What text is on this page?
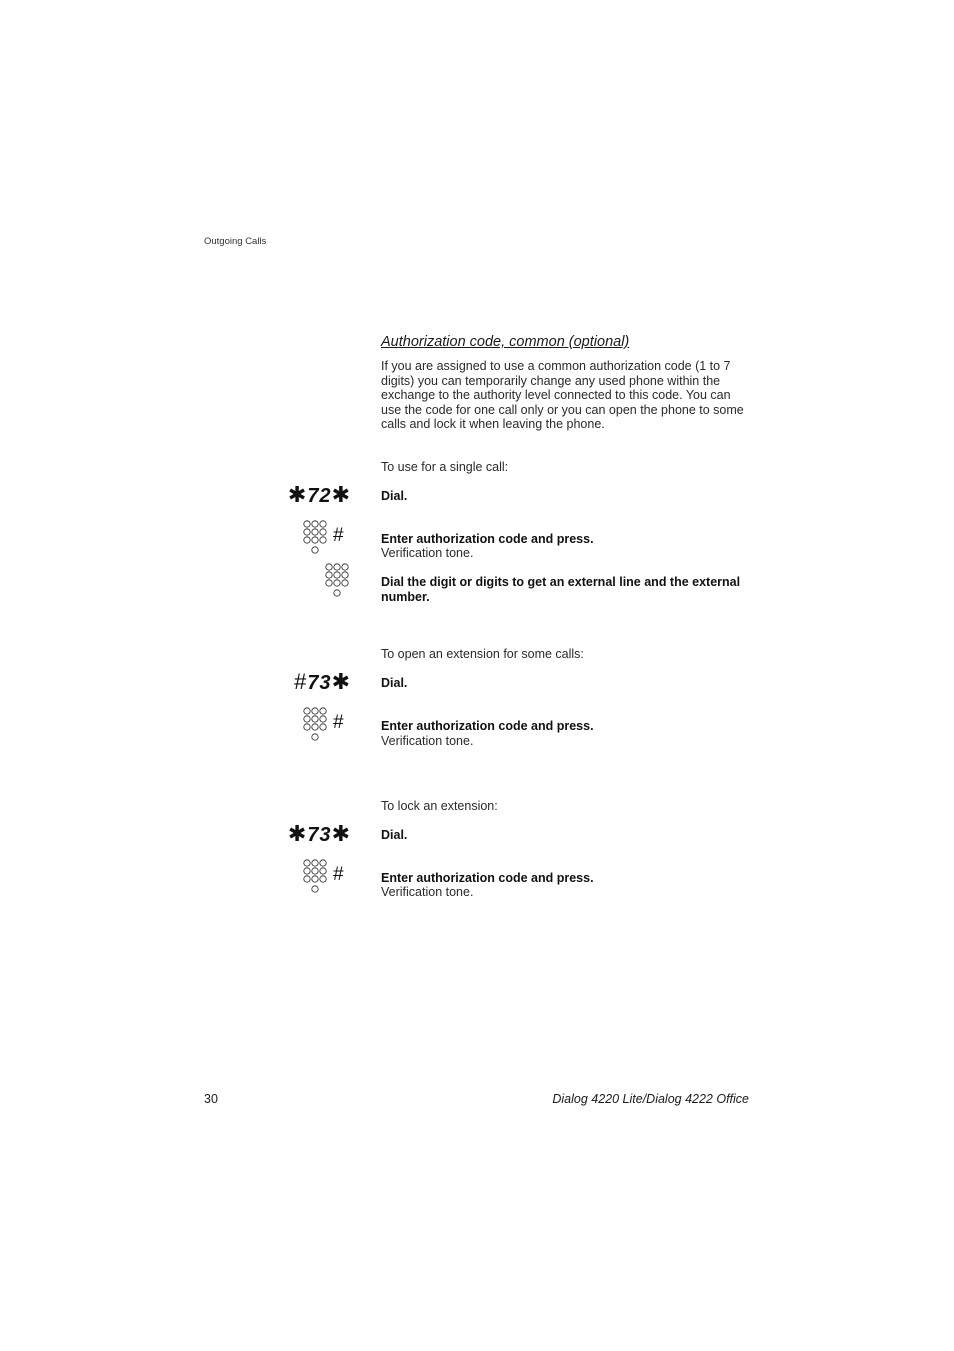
Outgoing Calls
Authorization code, common (optional)
If you are assigned to use a common authorization code (1 to 7
digits) you can temporarily change any used phone within the
exchange to the authority level connected to this code. You can
use the code for one call only or you can open the phone to some
calls and lock it when leaving the phone.
To use for a single call:
✱72✱ Dial.
#	Enter authorization code and press.
Verification tone.
Dial the digit or digits to get an external line and the external
number.
To open an extension for some calls:
#73✱ Dial.
#	Enter authorization code and press.
Verification tone.
To lock an extension:
✱73✱ Dial.
#	Enter authorization code and press.
Verification tone.
30	Dialog 4220 Lite/Dialog 4222 Office
